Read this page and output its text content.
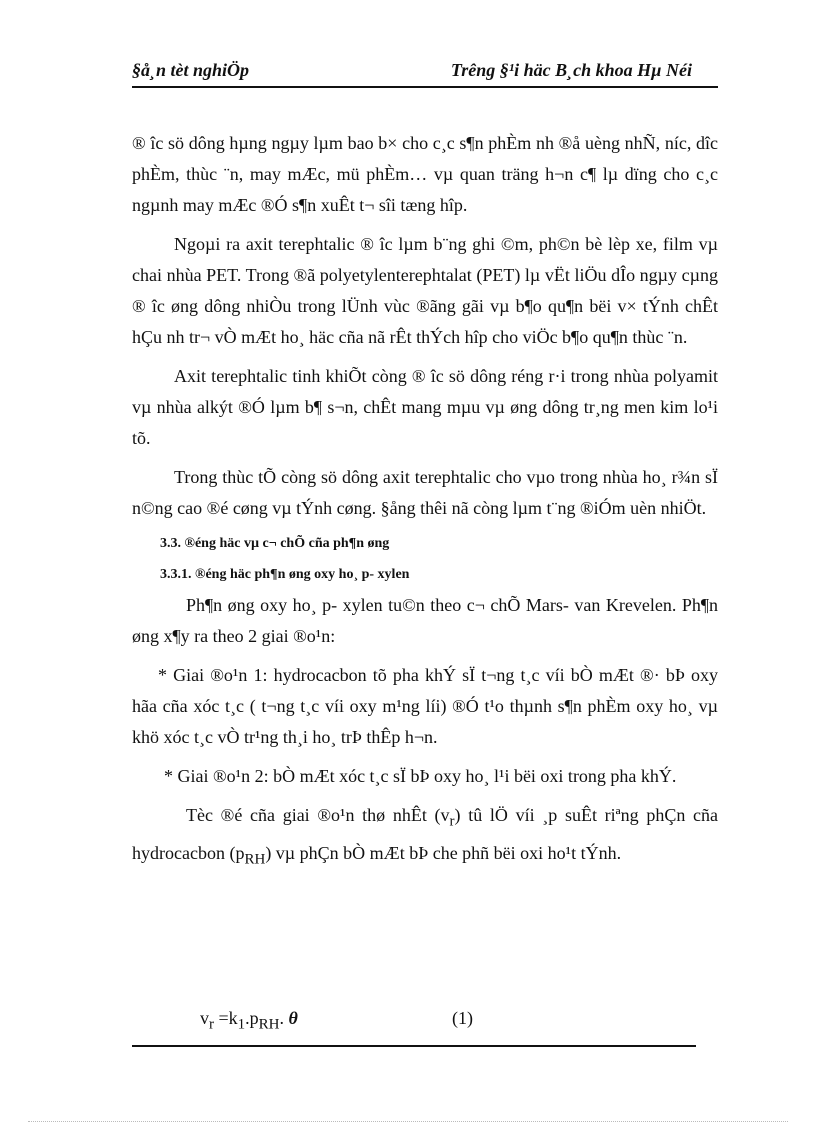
§å¸n tèt nghiÖp	Trêng §¹i häc B¸ch khoa Hµ Néi

® îc sö dông hµng ngµy lµm bao b× cho c¸c s¶n phÈm nh ®å uèng nhÑ, níc, dîc phÈm, thùc ¨n, may mÆc, mü phÈm… vµ quan träng h¬n c¶ lµ dïng cho c¸c ngµnh may mÆc ®Ó s¶n xuÊt t¬ sîi tæng hîp.

Ngoµi ra axit terephtalic ® îc lµm b¨ng ghi ©m, ph©n bè lèp xe, film vµ chai nhùa PET. Trong ®ã polyetylenterephtalat (PET) lµ vËt liÖu dÎo ngµy cµng ® îc øng dông nhiÒu trong lÜnh vùc ®ãng gãi vµ b¶o qu¶n bëi v× tÝnh chÊt hÇu nh tr¬ vÒ mÆt ho¸ häc cña nã rÊt thÝch hîp cho viÖc b¶o qu¶n thùc ¨n.

Axit terephtalic tinh khiÕt còng ® îc sö dông réng r·i trong nhùa polyamit vµ nhùa alkýt ®Ó lµm b¶ s¬n, chÊt mang mµu vµ øng dông tr¸ng men kim lo¹i tõ.

Trong thùc tÕ còng sö dông axit terephtalic cho vµo trong nhùa ho¸ r¾n sÏ n©ng cao ®é cøng vµ tÝnh cøng. §ång thêi nã còng lµm t¨ng ®iÓm uèn nhiÖt.

3.3. ®éng häc vµ c¬ chÕ cña ph¶n øng
3.3.1. ®éng häc ph¶n øng oxy ho¸ p- xylen

Ph¶n øng oxy ho¸ p- xylen tu©n theo c¬ chÕ Mars- van Krevelen. Ph¶n øng x¶y ra theo 2 giai ®o¹n:

* Giai ®o¹n 1: hydrocacbon tõ pha khÝ sÏ t¬ng t¸c víi bÒ mÆt ®· bÞ oxy hãa cña xóc t¸c ( t¬ng t¸c víi oxy m¹ng líi) ®Ó t¹o thµnh s¶n phÈm oxy ho¸ vµ khö xóc t¸c vÒ tr¹ng th¸i ho¸ trÞ thÊp h¬n.

* Giai ®o¹n 2: bÒ mÆt xóc t¸c sÏ bÞ oxy ho¸ l¹i bëi oxi trong pha khÝ.

Tèc ®é cña giai ®o¹n thø nhÊt $(v_r)$ tû lÖ víi ¸p suÊt riªng phÇn cña hydrocacbon $(p_{RH})$ vµ phÇn bÒ mÆt bÞ che phñ bëi oxi ho¹t tÝnh.

$v_r =k_1.p_{RH}$. θ	(1)
